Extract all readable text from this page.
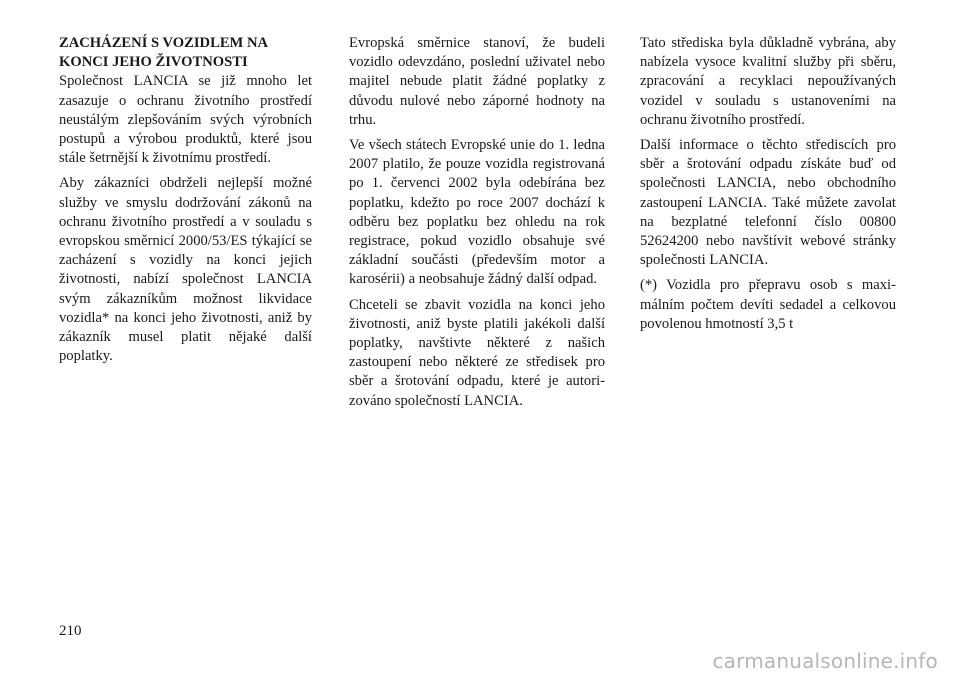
ZACHÁZENÍ S VOZIDLEM NA KONCI JEHO ŽIVOTNOSTI

Společnost LANCIA se již mnoho let zasazuje o ochranu životního prostředí neustálým zlepšováním svých výrobních postupů a výrobou produktů, které jsou stále šetrnější k životnímu prostředí.

Aby zákazníci obdrželi nejlepší možné služby ve smyslu dodržování zákonů na ochranu životního prostředí a v souladu s evropskou směrnicí 2000/53/ES týkající se zacházení s vozidly na konci jejich životnosti, nabízí společnost LANCIA svým zákazníkům možnost likvidace vozidla* na konci jeho životnosti, aniž by zákazník musel platit nějaké další poplatky.

Evropská směrnice stanoví, že budeli vozidlo odevzdáno, poslední uživatel nebo majitel nebude platit žádné poplatky z důvodu nulové nebo záporné hodnoty na trhu.

Ve všech státech Evropské unie do 1. ledna 2007 platilo, že pouze vozidla registrovaná po 1. červenci 2002 byla odebírána bez poplatku, kdežto po roce 2007 dochází k odběru bez poplatku bez ohledu na rok registrace, pokud vozidlo obsahuje své základní součásti (především motor a karosérii) a neobsahuje žádný další odpad.

Chceteli se zbavit vozidla na konci jeho životnosti, aniž byste platili jakékoli další poplatky, navštivte některé z našich zastoupení nebo některé ze středisek pro sběr a šrotování odpadu, které je autorizováno společností LANCIA.

Tato střediska byla důkladně vybrána, aby nabízela vysoce kvalitní služby při sběru, zpracování a recyklaci nepoužívaných vozidel v souladu s ustanoveními na ochranu životního prostředí.

Další informace o těchto střediscích pro sběr a šrotování odpadu získáte buď od společnosti LANCIA, nebo obchodního zastoupení LANCIA. Také můžete zavolat na bezplatné telefonní číslo 00800 52624200 nebo navštívit webové stránky společnosti LANCIA.

(*) Vozidla pro přepravu osob s maximálním počtem devíti sedadel a celkovou povolenou hmotností 3,5 t

210
carmanualsonline.info
